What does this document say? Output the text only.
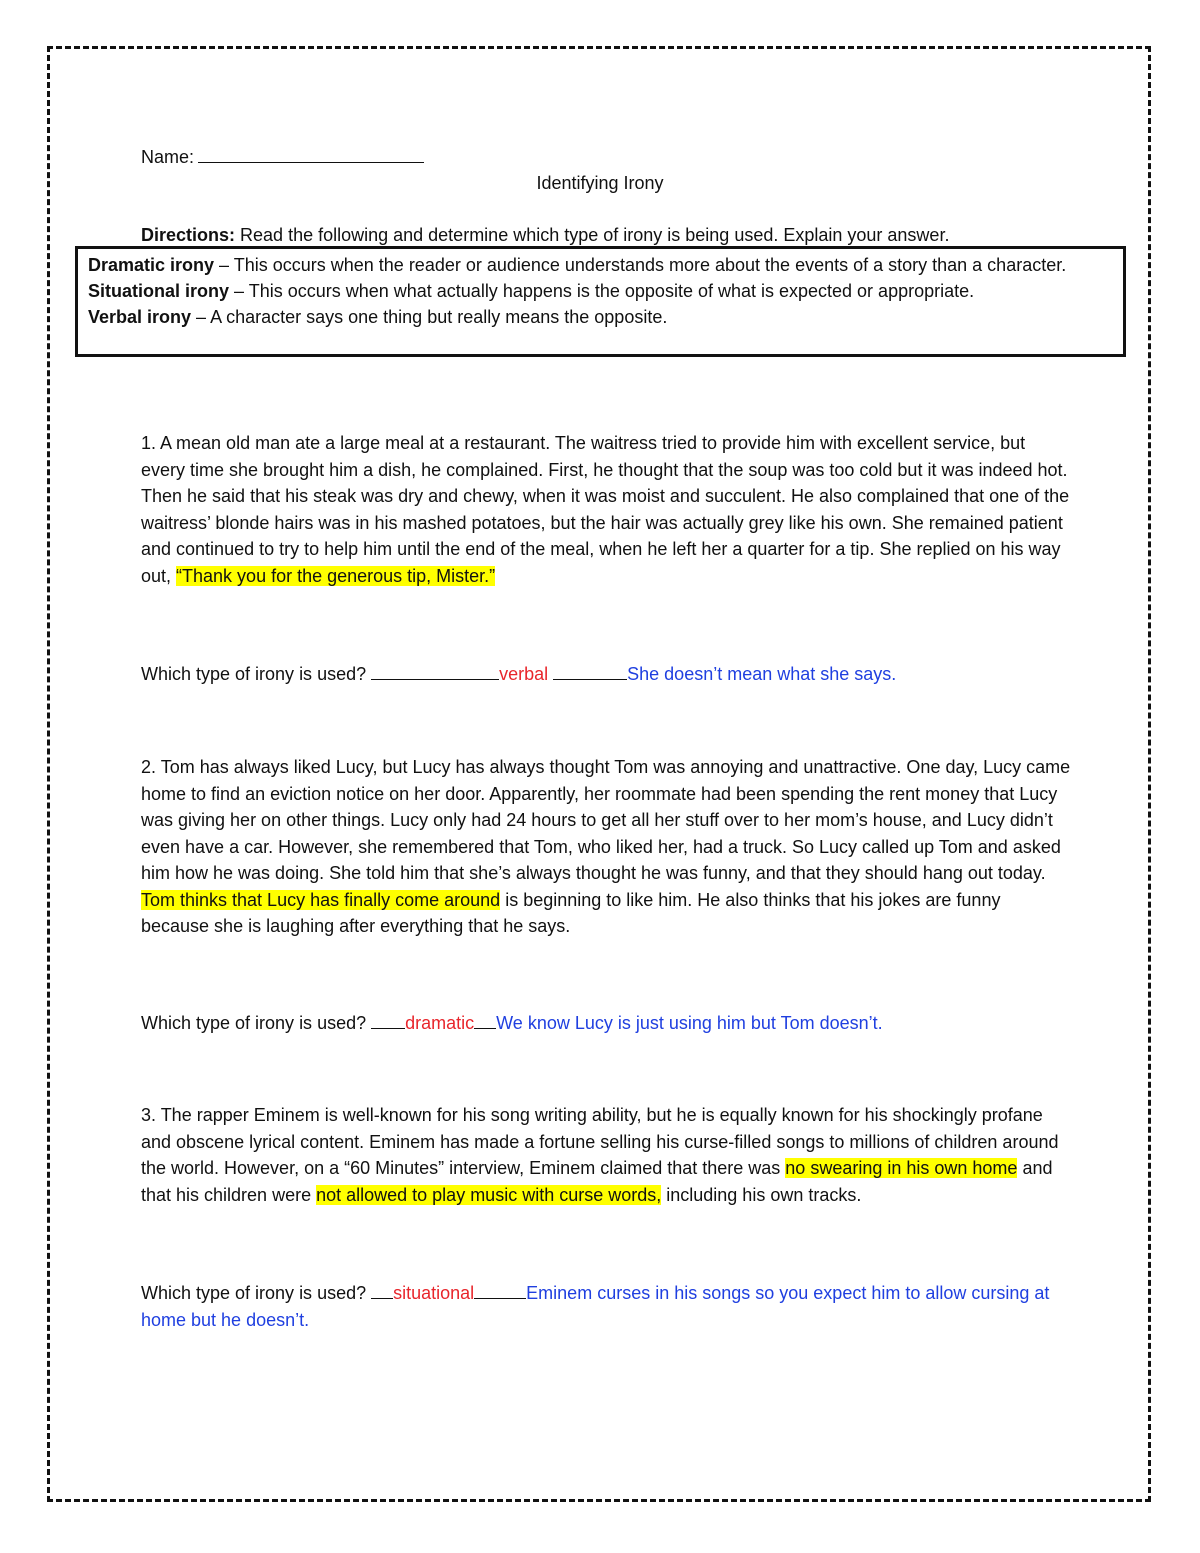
Name:
Identifying Irony
Directions: Read the following and determine which type of irony is being used. Explain your answer.
Dramatic irony – This occurs when the reader or audience understands more about the events of a story than a character.
Situational irony – This occurs when what actually happens is the opposite of what is expected or appropriate.
Verbal irony – A character says one thing but really means the opposite.
1. A mean old man ate a large meal at a restaurant. The waitress tried to provide him with excellent service, but every time she brought him a dish, he complained. First, he thought that the soup was too cold but it was indeed hot. Then he said that his steak was dry and chewy, when it was moist and succulent. He also complained that one of the waitress’ blonde hairs was in his mashed potatoes, but the hair was actually grey like his own. She remained patient and continued to try to help him until the end of the meal, when he left her a quarter for a tip. She replied on his way out, “Thank you for the generous tip, Mister.”
Which type of irony is used?	verbal	She doesn’t mean what she says.
2. Tom has always liked Lucy, but Lucy has always thought Tom was annoying and unattractive. One day, Lucy came home to find an eviction notice on her door. Apparently, her roommate had been spending the rent money that Lucy was giving her on other things. Lucy only had 24 hours to get all her stuff over to her mom’s house, and Lucy didn’t even have a car. However, she remembered that Tom, who liked her, had a truck. So Lucy called up Tom and asked him how he was doing. She told him that she’s always thought he was funny, and that they should hang out today. Tom thinks that Lucy has finally come around is beginning to like him. He also thinks that his jokes are funny because she is laughing after everything that he says.
Which type of irony is used? dramatic We know Lucy is just using him but Tom doesn’t.
3. The rapper Eminem is well-known for his song writing ability, but he is equally known for his shockingly profane and obscene lyrical content. Eminem has made a fortune selling his curse-filled songs to millions of children around the world. However, on a “60 Minutes” interview, Eminem claimed that there was no swearing in his own home and that his children were not allowed to play music with curse words, including his own tracks.
Which type of irony is used? situational	Eminem curses in his songs so you expect him to allow cursing at home but he doesn’t.
